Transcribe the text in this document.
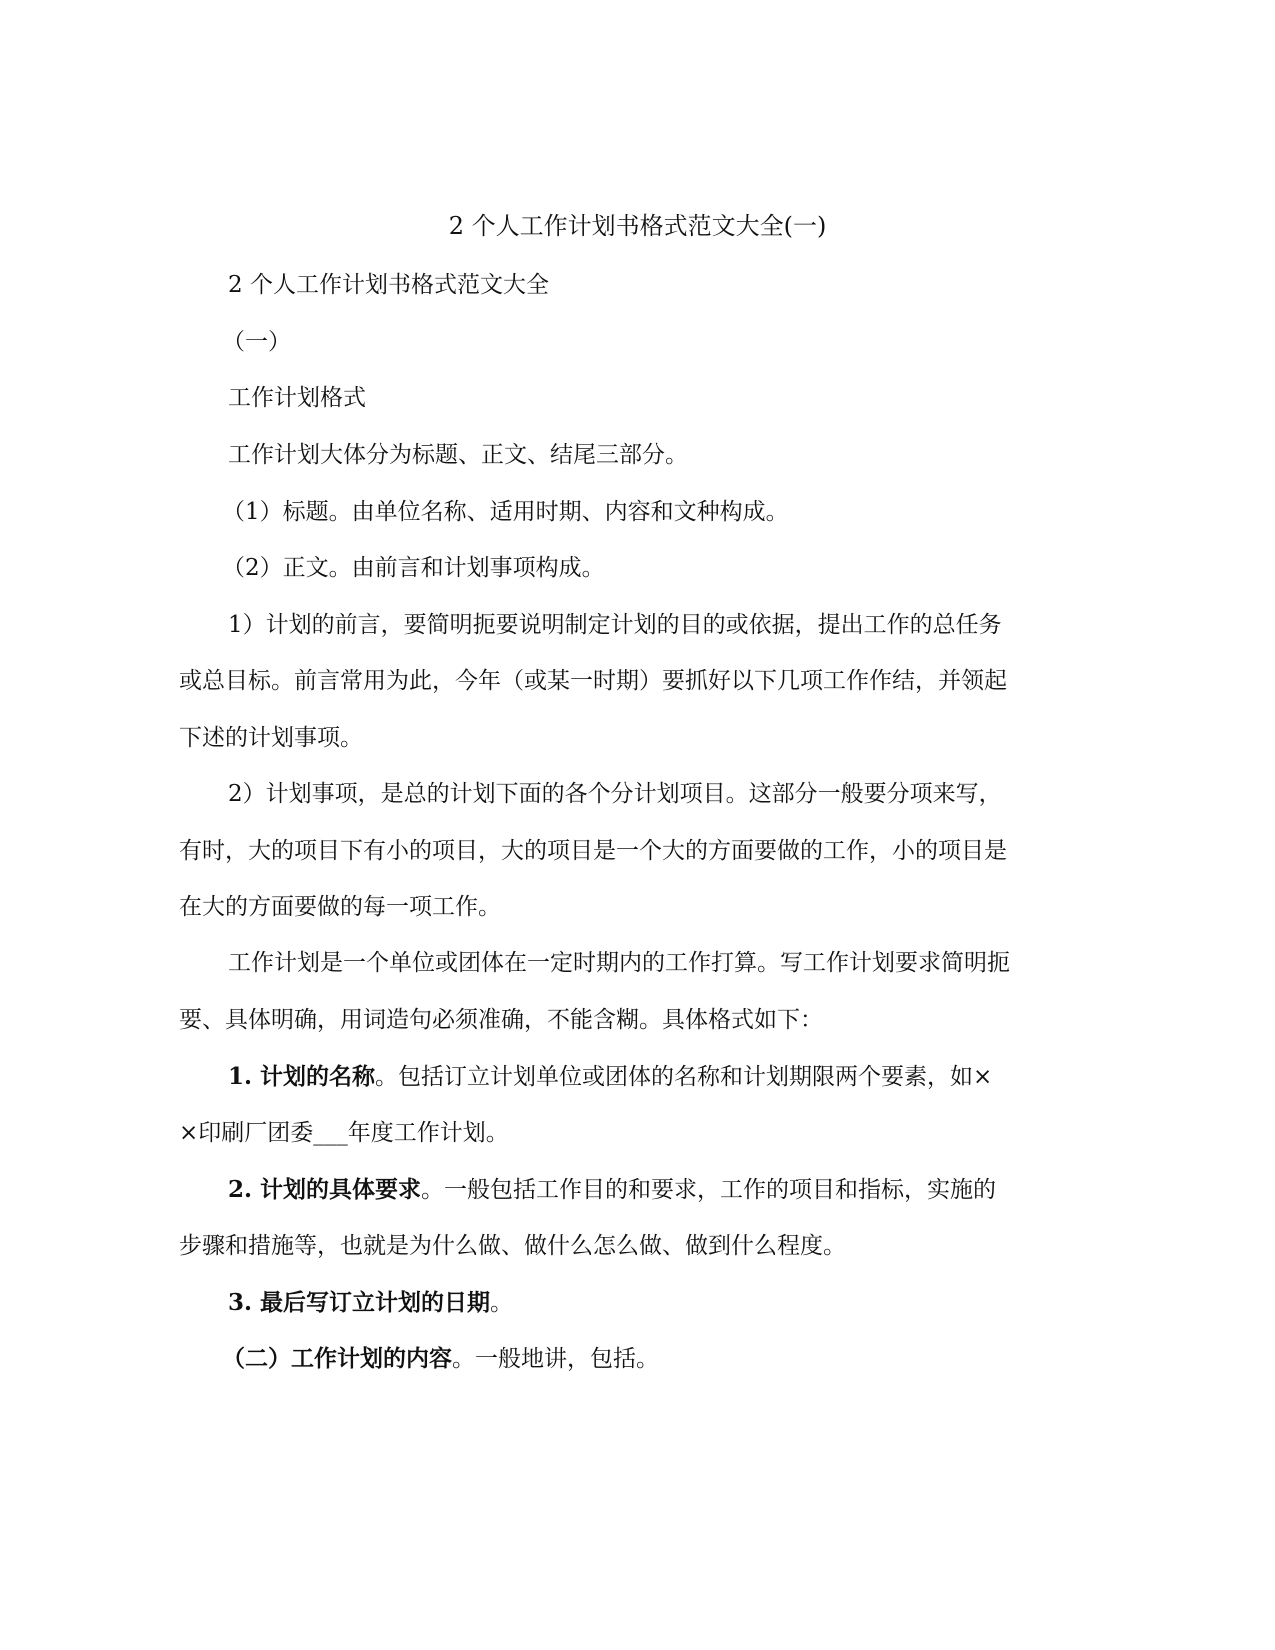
2 个人工作计划书格式范文大全(一)

2 个人工作计划书格式范文大全

（一）

工作计划格式

工作计划大体分为标题、正文、结尾三部分。

（1）标题。由单位名称、适用时期、内容和文种构成。

（2）正文。由前言和计划事项构成。

1）计划的前言，要简明扼要说明制定计划的目的或依据，提出工作的总任务

或总目标。前言常用为此，今年（或某一时期）要抓好以下几项工作作结，并领起

下述的计划事项。

2）计划事项，是总的计划下面的各个分计划项目。这部分一般要分项来写，

有时，大的项目下有小的项目，大的项目是一个大的方面要做的工作，小的项目是

在大的方面要做的每一项工作。

工作计划是一个单位或团体在一定时期内的工作打算。写工作计划要求简明扼

要、具体明确，用词造句必须准确，不能含糊。具体格式如下：

1. 计划的名称。包括订立计划单位或团体的名称和计划期限两个要素，如×

×印刷厂团委___年度工作计划。

2. 计划的具体要求。一般包括工作目的和要求，工作的项目和指标，实施的

步骤和措施等，也就是为什么做、做什么怎么做、做到什么程度。

3. 最后写订立计划的日期。

（二）工作计划的内容。一般地讲，包括。
